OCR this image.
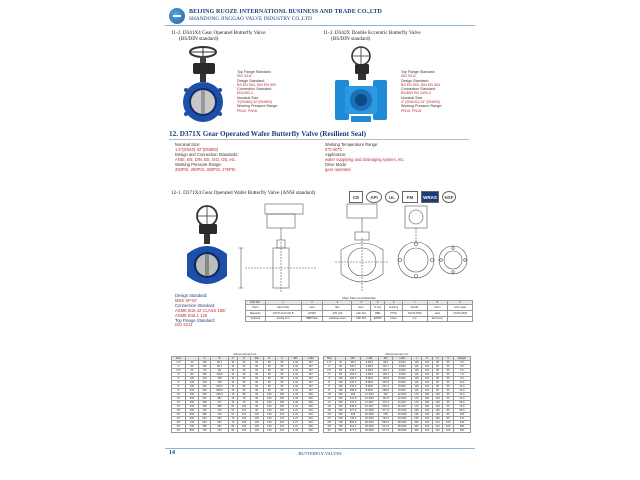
BEIJING RUOZE INTERNATIONL BUSINESS AND TRADE CO.,LTD
SHANDONG JINGGAO VALVE INDUSTRY CO.,LTD
11-2. D341X4 Gear Operated Butterfly Valve
(BS/DIN standard)
Top Flange Standard:
ISO 5211
Design Standard:
BS EN 593, DIN EN 593
Connection Standard:
EN1092-2
Nominal Size:
3"(DN80)-32"(DN800)
Working Pressure Range:
PN10, PN16
11-3. D342X Double Eccentric Butterfly Valve
(BS/DIN standard)
Top Flange Standard:
ISO 5211
Design Standard:
BS EN 593, DIN EN 593
Connection Standard:
BS/DIN EN 1092-2
Nominal Size:
4" (DN100)-24" (DN600)
Working Pressure Range:
PN10, PN16
12. D371X Gear Operated Wafer Butterfly Valve (Resilient Seal)
Nominal Size:
1.5"(DN40)-32"(DN800)
Design and Connection Standards:
ANSI, EN, DIN, BS, ISO, GB, etc.
Working Pressure Range:
200PSI, 250PSI, 300PSI, 175PSI
Working Temperature Range:
0℃-80℃
Application:
water supplying and drainaging system, etc.
Drive Mode:
gear operated
CE	API	UL	FM	WRAS	NSF
12-1. D371X4 Gear Operated Wafer Butterfly Valve (ANSI standard)
Design Standard:
MSS SP-67
Connection Standard:
ASME B16.42 CLASS 150/
ASME B16.1 125
Top Flange Standard:
ISO 5211
Main Parts and Materials
Part NO.	1	2	3	4	5	6	7	8	9
Parts	valve body	seat	disc	stem	O ring	bushing	handle	worm	worm gear
Materials	ASTM A126 GR.B	EPDM	AISI 316	AISI 416	NBR	PTFE	ASTM A536	steel	ASTM A536
Optional	ductile iron	NBR/Viton	stainless steel	AISI 304	EPDM	brass	iron	aluminum	
Dimensions(mm)
Size		A	B	C	D	ØH	E	F	ØK	n-Ød
1.5"	40	136	96.1	32	33	60	66	95	4-16	197
2"	50	161	96.1	32	33	60	66	95	4-16	197
2.5"	65	175	111	32	46	60	66	95	4-16	197
3"	80	181	118.5	32	46	60	66	95	4-16	197
4"	100	200	138	32	52	60	66	95	4-16	197
5"	125	213	150	32	56	60	66	95	4-16	197
6"	150	226	168.3	32	56	60	66	95	4-16	197
8"	200	260	208.5	45	60	90	66	95	4-16	197
10"	250	292	238.4	45	68	90	100	150	4-18	260
12"	300	337	281	45	78	90	100	150	4-18	260
14"	350	368	317	45	78	90	100	150	4-18	260
16"	400	400	368	51	102	90	100	150	4-22	260
18"	450	422	410	51	114	90	100	150	4-22	260
20"	500	480	470	57	127	125	140	175	4-22	320
24"	600	562	562	70	154	125	140	175	4-27	320
28"	700	624	632	70	165	125	140	210	4-27	320
30"	750	656	667	82	190	125	140	210	4-27	400
32"	800	720	720	82	190	125	140	210	4-33	400
Dimensions(mm)
Size		ØC	n-Ød	ØC	n-Ød	L	P	Q	S	Weight
1.5"	40	98.4	4-M14	98.4	4-M14	116	120	95	55	4.5
2"	50	120.7	4-M16	120.7	4-M16	116	120	95	55	5.5
2.5"	65	139.7	4-M16	139.7	4-M16	116	120	95	55	6.0
3"	80	152.4	4-M16	152.4	4-M16	116	120	95	55	7.5
4"	100	190.5	8-M16	190.5	8-M16	116	120	95	55	9.5
5"	125	215.9	8-M20	215.9	8-M20	116	120	95	55	11.5
6"	150	241.3	8-M20	241.3	8-M20	116	120	95	55	13.0
8"	200	298.5	8-M20	298.5	8-M20	116	120	95	55	20.0
10"	250	362	12-M24	362	12-M24	170	180	130	65	32.0
12"	300	431.8	12-M24	431.8	12-M24	170	180	130	65	42.0
14"	350	476.3	12-M27	476.3	12-M27	170	180	130	65	58.0
16"	400	539.8	16-M27	539.8	16-M27	170	180	130	65	76.0
18"	450	577.9	16-M30	577.9	16-M30	225	230	160	85	95.0
20"	500	635	20-M30	635	20-M30	225	230	160	85	125
24"	600	749.3	20-M33	749.3	20-M33	225	230	160	85	170
28"	700	863.6	28-M33	863.6	28-M33	300	310	210	100	240
30"	750	914.4	28-M33	914.4	28-M33	300	310	210	100	290
32"	800	977.9	28-M39	977.9	28-M39	300	310	210	100	350
14	BUTTERFLY VALVES
